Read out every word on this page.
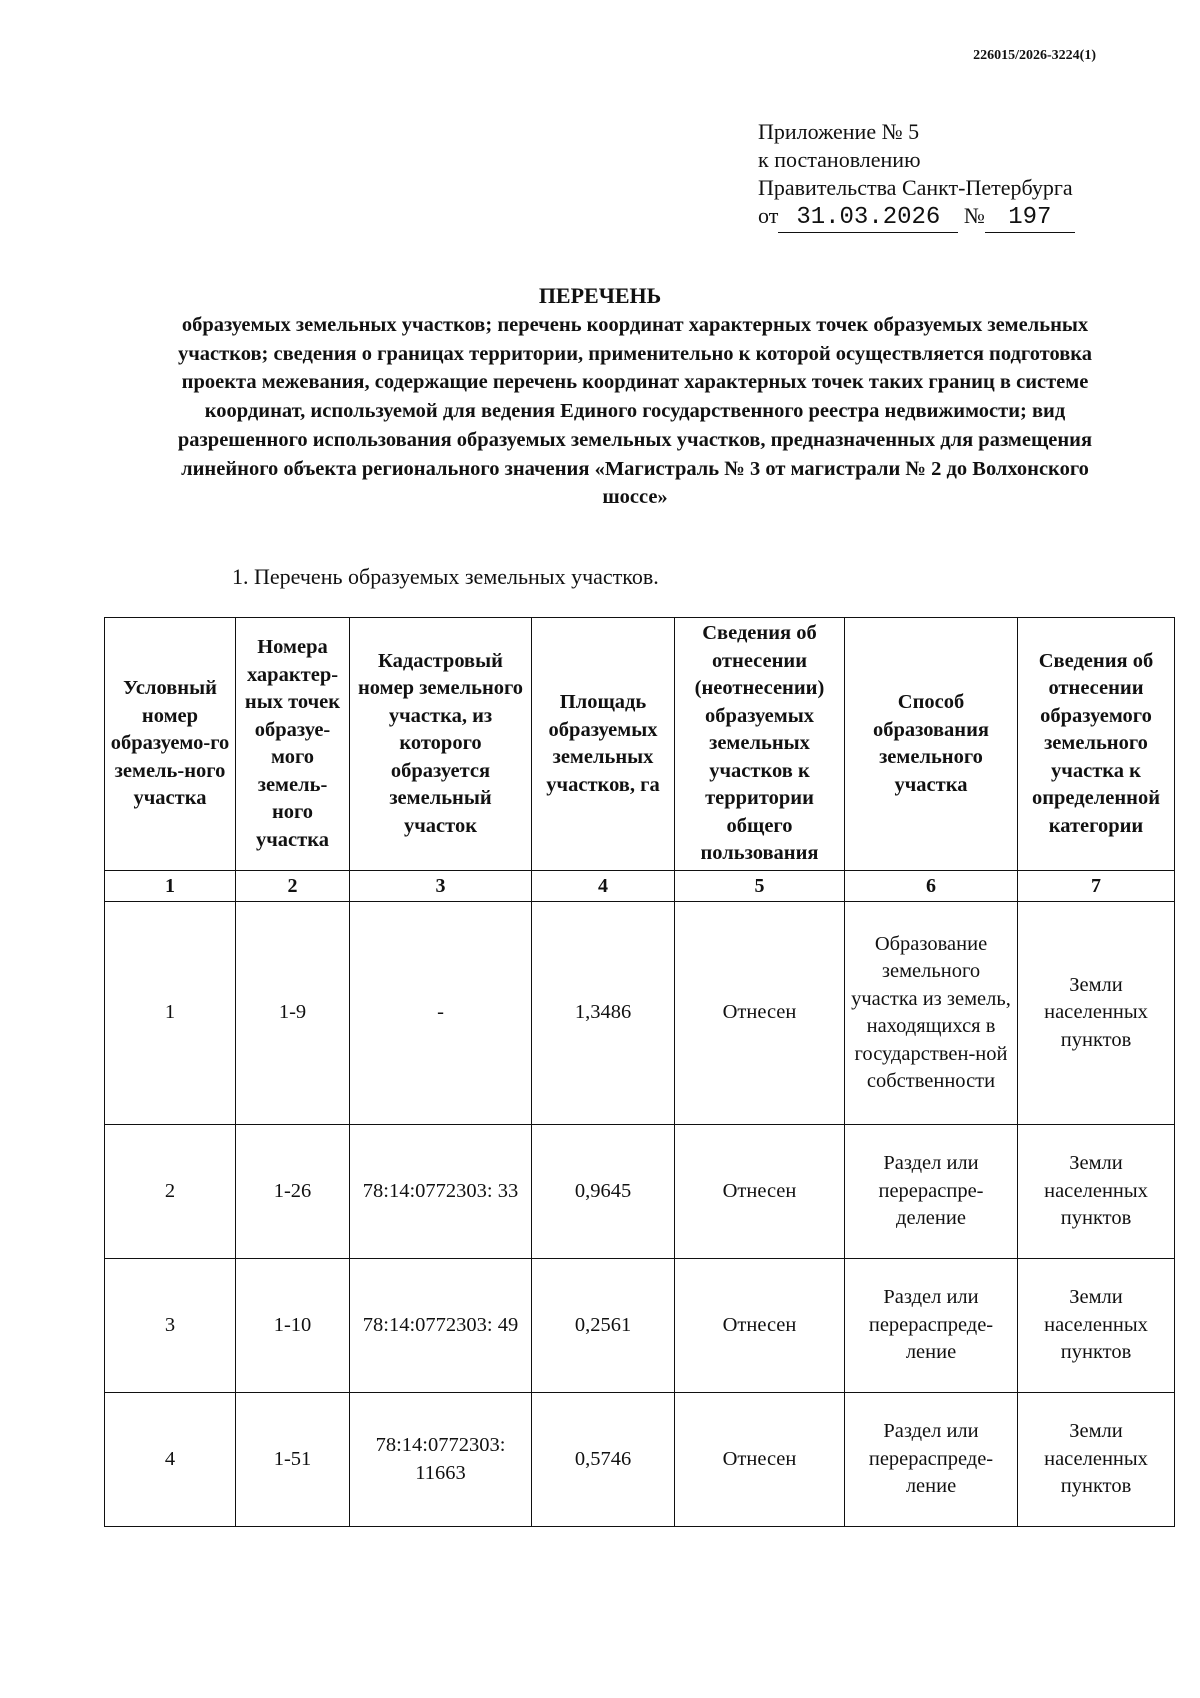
226015/2026-3224(1)
Приложение № 5
к постановлению
Правительства Санкт-Петербурга
от 31.03.2026 № 197
ПЕРЕЧЕНЬ
образуемых земельных участков; перечень координат характерных точек образуемых земельных участков; сведения о границах территории, применительно к которой осуществляется подготовка проекта межевания, содержащие перечень координат характерных точек таких границ в системе координат, используемой для ведения Единого государственного реестра недвижимости; вид разрешенного использования образуемых земельных участков, предназначенных для размещения линейного объекта регионального значения «Магистраль № 3 от магистрали № 2 до Волхонского шоссе»
1. Перечень образуемых земельных участков.
Условный номер образуемо-го земель-ного участка	Номера характер-ных точек образуе-мого земель-ного участка	Кадастровый номер земельного участка, из которого образуется земельный участок	Площадь образуемых земельных участков, га	Сведения об отнесении (неотнесении) образуемых земельных участков к территории общего пользования	Способ образования земельного участка	Сведения об отнесении образуемого земельного участка к определенной категории
1	2	3	4	5	6	7
1	1-9	-	1,3486	Отнесен	Образование земельного участка из земель, находящихся в государствен-ной собственности	Земли населенных пунктов
2	1-26	78:14:0772303: 33	0,9645	Отнесен	Раздел или перераспре-деление	Земли населенных пунктов
3	1-10	78:14:0772303: 49	0,2561	Отнесен	Раздел или перераспреде-ление	Земли населенных пунктов
4	1-51	78:14:0772303: 11663	0,5746	Отнесен	Раздел или перераспреде-ление	Земли населенных пунктов
